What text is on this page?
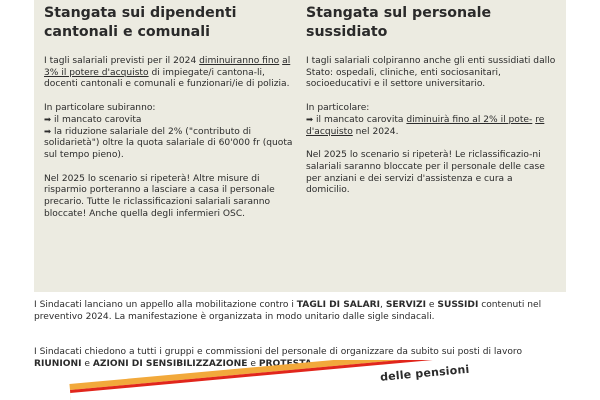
Stangata sui dipendenti
cantonali e comunali

I tagli salariali previsti per il 2024 diminuiranno fino al 3% il potere d'acquisto di impiegate/i cantona-li, docenti cantonali e comunali e funzionari/ie di polizia.

In particolare subiranno:

➡ il mancato carovita

➡ la riduzione salariale del 2% ("contributo di solidarietà") oltre la quota salariale di 60'000 fr (quota sul tempo pieno).

Nel 2025 lo scenario si ripeterà! Altre misure di risparmio porteranno a lasciare a casa il personale precario. Tutte le riclassificazioni salariali saranno bloccate! Anche quella degli infermieri OSC.

Stangata sul personale
sussidiato

I tagli salariali colpiranno anche gli enti sussidiati dallo Stato: ospedali, cliniche, enti sociosanitari, socioeducativi e il settore universitario.

In particolare:

➡ il mancato carovita diminuirà fino al 2% il pote- re d'acquisto nel 2024.

Nel 2025 lo scenario si ripeterà! Le riclassificazio-ni salariali saranno bloccate per il personale delle case per anziani e dei servizi d'assistenza e cura a domicilio.

I Sindacati lanciano un appello alla mobilitazione contro i TAGLI DI SALARI, SERVIZI e SUSSIDI contenuti nel preventivo 2024. La manifestazione è organizzata in modo unitario dalle sigle sindacali.
I Sindacati chiedono a tutti i gruppi e commissioni del personale di organizzare da subito sui posti di lavoro
RIUNIONI e AZIONI DI SENSIBILIZZAZIONE e PROTESTA.	delle pensioni
